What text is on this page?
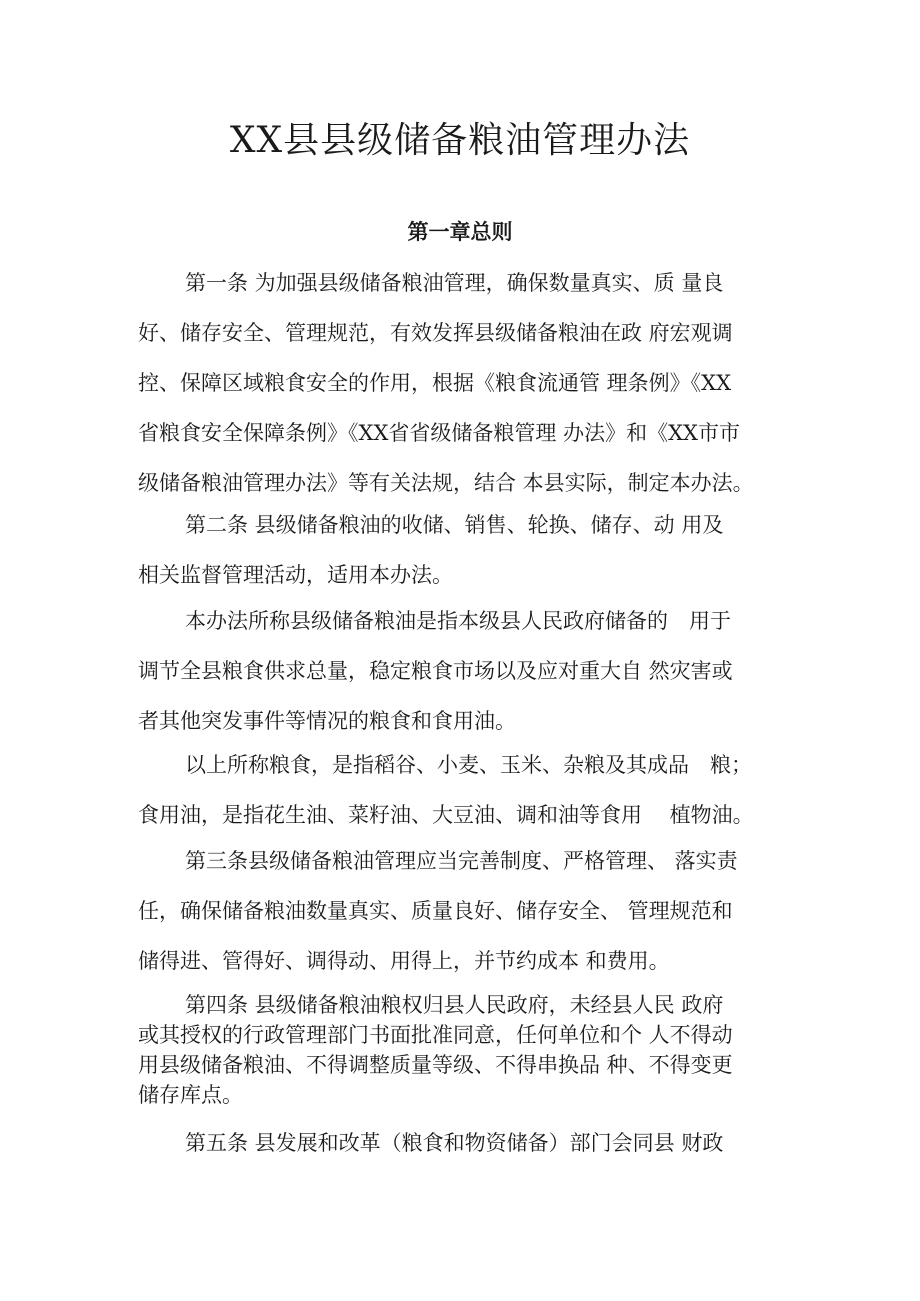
XX县县级储备粮油管理办法
第一章总则
第一条 为加强县级储备粮油管理，确保数量真实、质 量良
好、储存安全、管理规范，有效发挥县级储备粮油在政 府宏观调
控、保障区域粮食安全的作用，根据《粮食流通管 理条例》《XX
省粮食安全保障条例》《XX省省级储备粮管理 办法》和《XX市市
级储备粮油管理办法》等有关法规，结合 本县实际，制定本办法。
第二条 县级储备粮油的收储、销售、轮换、储存、动 用及
相关监督管理活动，适用本办法。
本办法所称县级储备粮油是指本级县人民政府储备的　用于
调节全县粮食供求总量，稳定粮食市场以及应对重大自 然灾害或
者其他突发事件等情况的粮食和食用油。
以上所称粮食，是指稻谷、小麦、玉米、杂粮及其成品　粮；
食用油，是指花生油、菜籽油、大豆油、调和油等食用　 植物油。
第三条县级储备粮油管理应当完善制度、严格管理、 落实责
任，确保储备粮油数量真实、质量良好、储存安全、 管理规范和
储得进、管得好、调得动、用得上，并节约成本 和费用。
第四条 县级储备粮油粮权归县人民政府，未经县人民 政府
或其授权的行政管理部门书面批准同意，任何单位和个 人不得动
用县级储备粮油、不得调整质量等级、不得串换品 种、不得变更
储存库点。
第五条 县发展和改革（粮食和物资储备）部门会同县 财政
